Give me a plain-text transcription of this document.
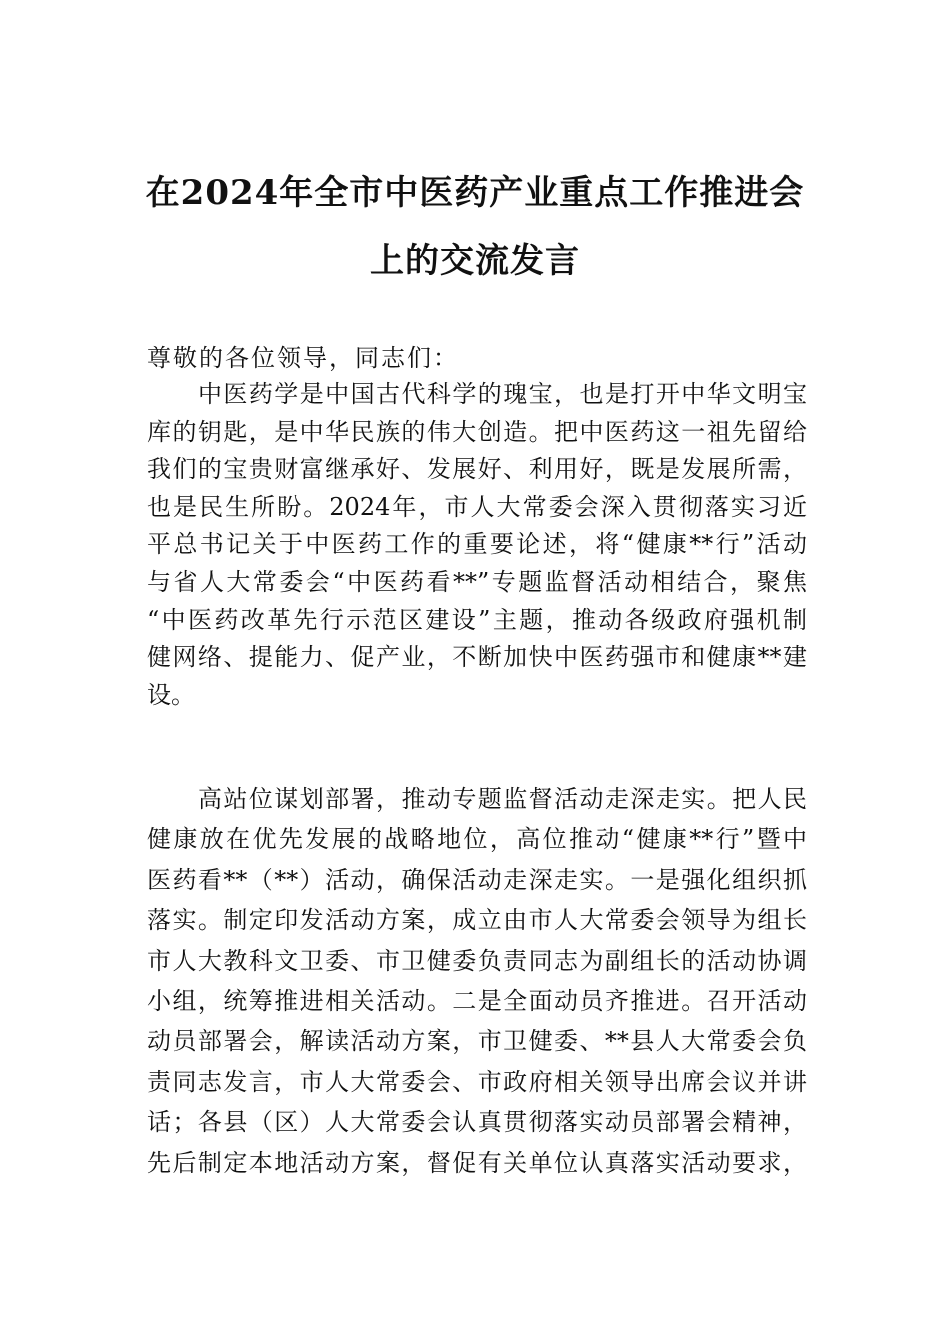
在2024年全市中医药产业重点工作推进会
上的交流发言
尊敬的各位领导，同志们：
中医药学是中国古代科学的瑰宝，也是打开中华文明宝
库的钥匙，是中华民族的伟大创造。把中医药这一祖先留给
我们的宝贵财富继承好、发展好、利用好，既是发展所需，
也是民生所盼。2024年，市人大常委会深入贯彻落实习近
平总书记关于中医药工作的重要论述，将“健康**行”活动
与省人大常委会“中医药看**”专题监督活动相结合，聚焦
“中医药改革先行示范区建设”主题，推动各级政府强机制
健网络、提能力、促产业，不断加快中医药强市和健康**建
设。
高站位谋划部署，推动专题监督活动走深走实。把人民
健康放在优先发展的战略地位，高位推动“健康**行”暨中
医药看**（**）活动，确保活动走深走实。一是强化组织抓
落实。制定印发活动方案，成立由市人大常委会领导为组长
市人大教科文卫委、市卫健委负责同志为副组长的活动协调
小组，统筹推进相关活动。二是全面动员齐推进。召开活动
动员部署会，解读活动方案，市卫健委、**县人大常委会负
责同志发言，市人大常委会、市政府相关领导出席会议并讲
话；各县（区）人大常委会认真贯彻落实动员部署会精神，
先后制定本地活动方案，督促有关单位认真落实活动要求，
